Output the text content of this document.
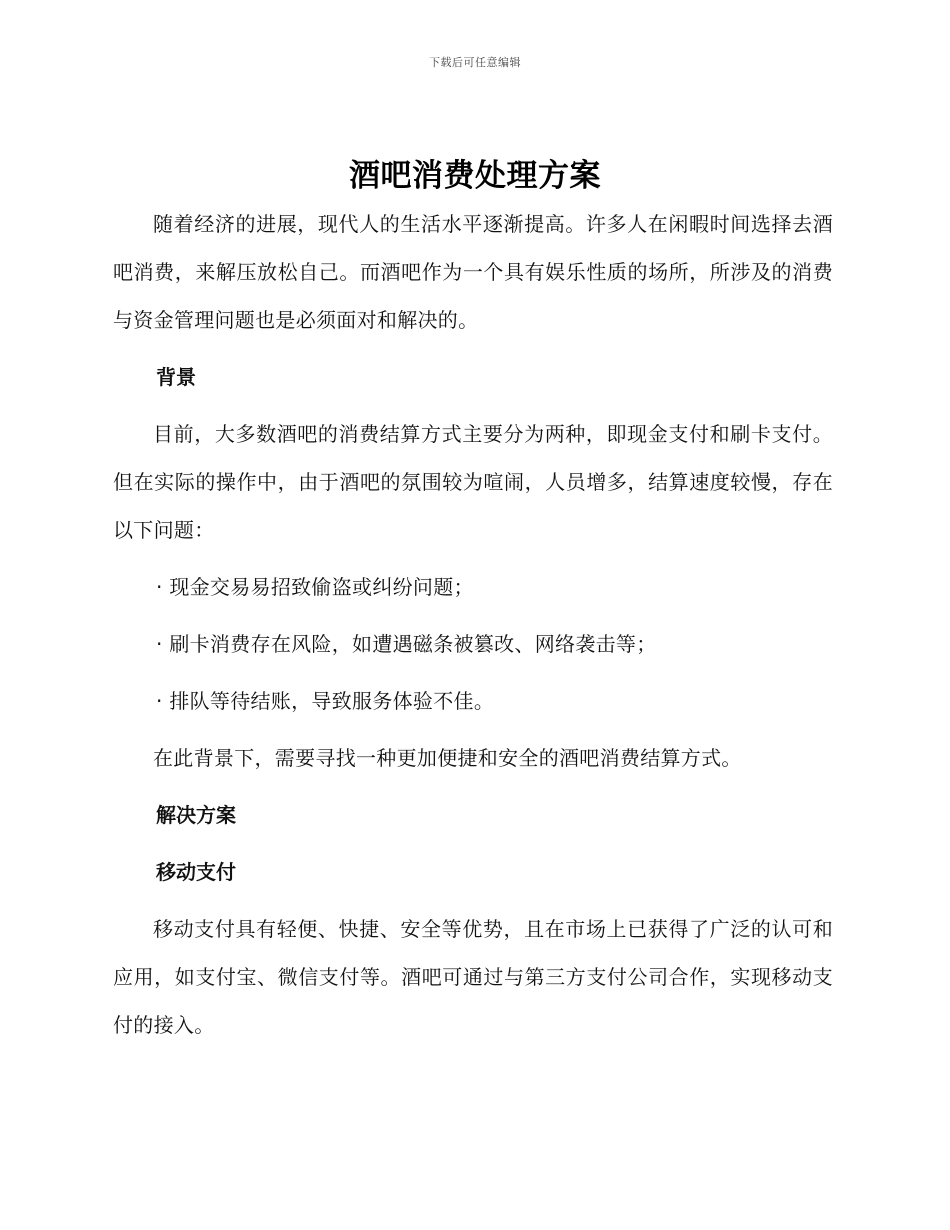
下载后可任意编辑
酒吧消费处理方案

随着经济的进展，现代人的生活水平逐渐提高。许多人在闲暇时间选择去酒吧消费，来解压放松自己。而酒吧作为一个具有娱乐性质的场所，所涉及的消费与资金管理问题也是必须面对和解决的。

背景

目前，大多数酒吧的消费结算方式主要分为两种，即现金支付和刷卡支付。但在实际的操作中，由于酒吧的氛围较为喧闹，人员增多，结算速度较慢，存在以下问题：

· 现金交易易招致偷盗或纠纷问题；
· 刷卡消费存在风险，如遭遇磁条被篡改、网络袭击等；
· 排队等待结账，导致服务体验不佳。

在此背景下，需要寻找一种更加便捷和安全的酒吧消费结算方式。

解决方案
移动支付

移动支付具有轻便、快捷、安全等优势，且在市场上已获得了广泛的认可和应用，如支付宝、微信支付等。酒吧可通过与第三方支付公司合作，实现移动支付的接入。
